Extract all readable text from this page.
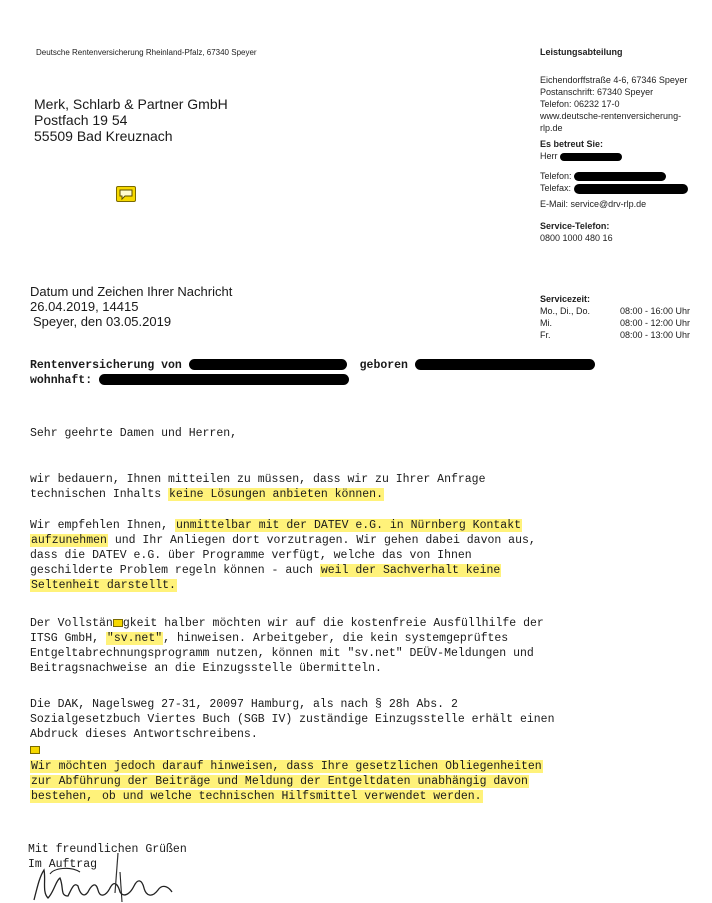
Deutsche Rentenversicherung Rheinland-Pfalz, 67340 Speyer
Merk, Schlarb & Partner GmbH
Postfach 19 54
55509 Bad Kreuznach
Leistungsabteilung
Eichendorffstraße 4-6, 67346 Speyer
Postanschrift: 67340 Speyer
Telefon: 06232 17-0
www.deutsche-rentenversicherung-
rlp.de
Es betreut Sie:
Herr
Telefon:
Telefax:
E-Mail: service@drv-rlp.de
Service-Telefon:
0800 1000 480 16
Datum und Zeichen Ihrer Nachricht
26.04.2019, 14415
Speyer, den 03.05.2019
Servicezeit:
Mo., Di., Do.	08:00 - 16:00 Uhr
Mi.	08:00 - 12:00 Uhr
Fr.	08:00 - 13:00 Uhr
Rentenversicherung von	geboren
wohnhaft:
Sehr geehrte Damen und Herren,
wir bedauern, Ihnen mitteilen zu müssen, dass wir zu Ihrer Anfrage
technischen Inhalts keine Lösungen anbieten können.
Wir empfehlen Ihnen, unmittelbar mit der DATEV e.G. in Nürnberg Kontakt
aufzunehmen und Ihr Anliegen dort vorzutragen. Wir gehen dabei davon aus,
dass die DATEV e.G. über Programme verfügt, welche das von Ihnen
geschilderte Problem regeln können - auch weil der Sachverhalt keine
Seltenheit darstellt.
Der Vollstän gkeit halber möchten wir auf die kostenfreie Ausfüllhilfe der
ITSG GmbH, "sv.net", hinweisen. Arbeitgeber, die kein systemgeprüftes
Entgeltabrechnungsprogramm nutzen, können mit "sv.net" DEÜV-Meldungen und
Beitragsnachweise an die Einzugsstelle übermitteln.
Die DAK, Nagelsweg 27-31, 20097 Hamburg, als nach § 28h Abs. 2
Sozialgesetzbuch Viertes Buch (SGB IV) zuständige Einzugsstelle erhält einen
Abdruck dieses Antwortschreibens.
Wir möchten jedoch darauf hinweisen, dass Ihre gesetzlichen Obliegenheiten
zur Abführung der Beiträge und Meldung der Entgeltdaten unabhängig davon
bestehen, ob und welche technischen Hilfsmittel verwendet werden.
Mit freundlichen Grüßen
Im Auftrag
